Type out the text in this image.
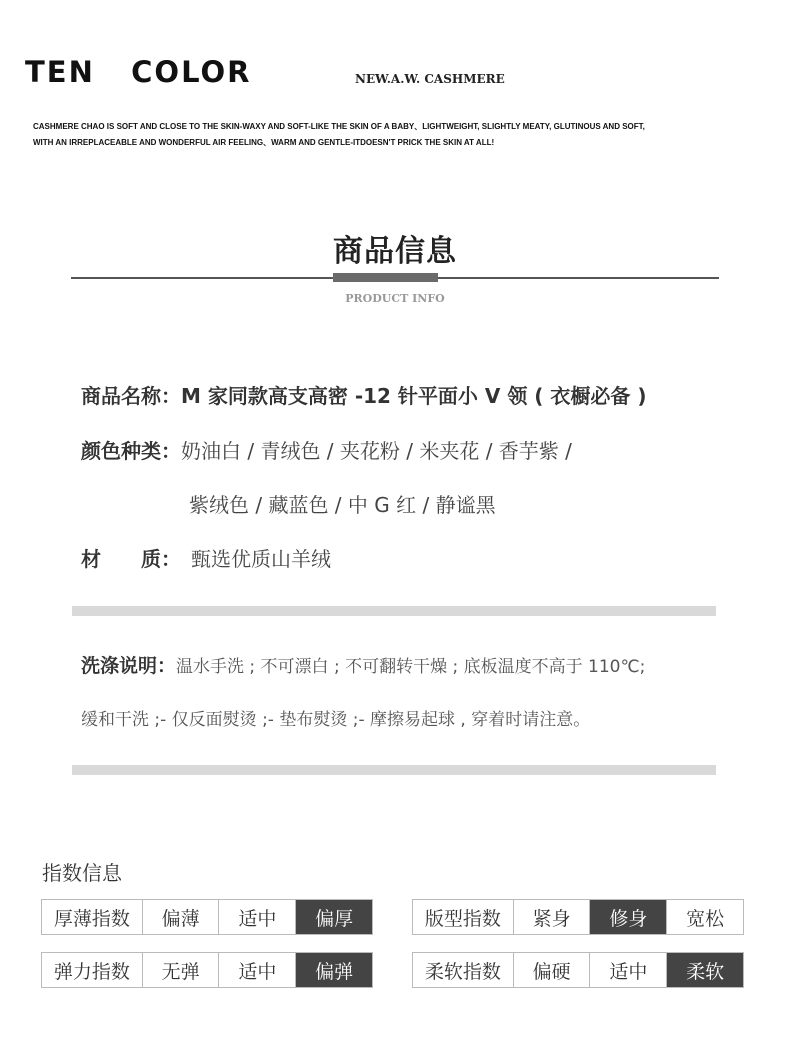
TEN   COLOR	NEW.A.W. CASHMERE
CASHMERE CHAO IS SOFT AND CLOSE TO THE SKIN-WAXY AND SOFT-LIKE THE SKIN OF A BABY、LIGHTWEIGHT, SLIGHTLY MEATY, GLUTINOUS AND SOFT,
WITH AN IRREPLACEABLE AND WONDERFUL AIR FEELING、WARM AND GENTLE-ITDOESN'T PRICK THE SKIN AT ALL!
商品信息
PRODUCT INFO
商品名称：M 家同款高支高密 -12 针平面小 V 领 ( 衣橱必备 )
颜色种类：奶油白 / 青绒色 / 夹花粉 / 米夹花 / 香芋紫 /
紫绒色 / 藏蓝色 / 中 G 红 / 静谧黑
材　　质： 甄选优质山羊绒
洗涤说明：温水手洗 ; 不可漂白 ; 不可翻转干燥 ; 底板温度不高于 110℃;
缓和干洗 ;- 仅反面熨烫 ;- 垫布熨烫 ;- 摩擦易起球 , 穿着时请注意。
指数信息
厚薄指数	偏薄	适中	偏厚	版型指数	紧身	修身	宽松
弹力指数	无弹	适中	偏弹	柔软指数	偏硬	适中	柔软
